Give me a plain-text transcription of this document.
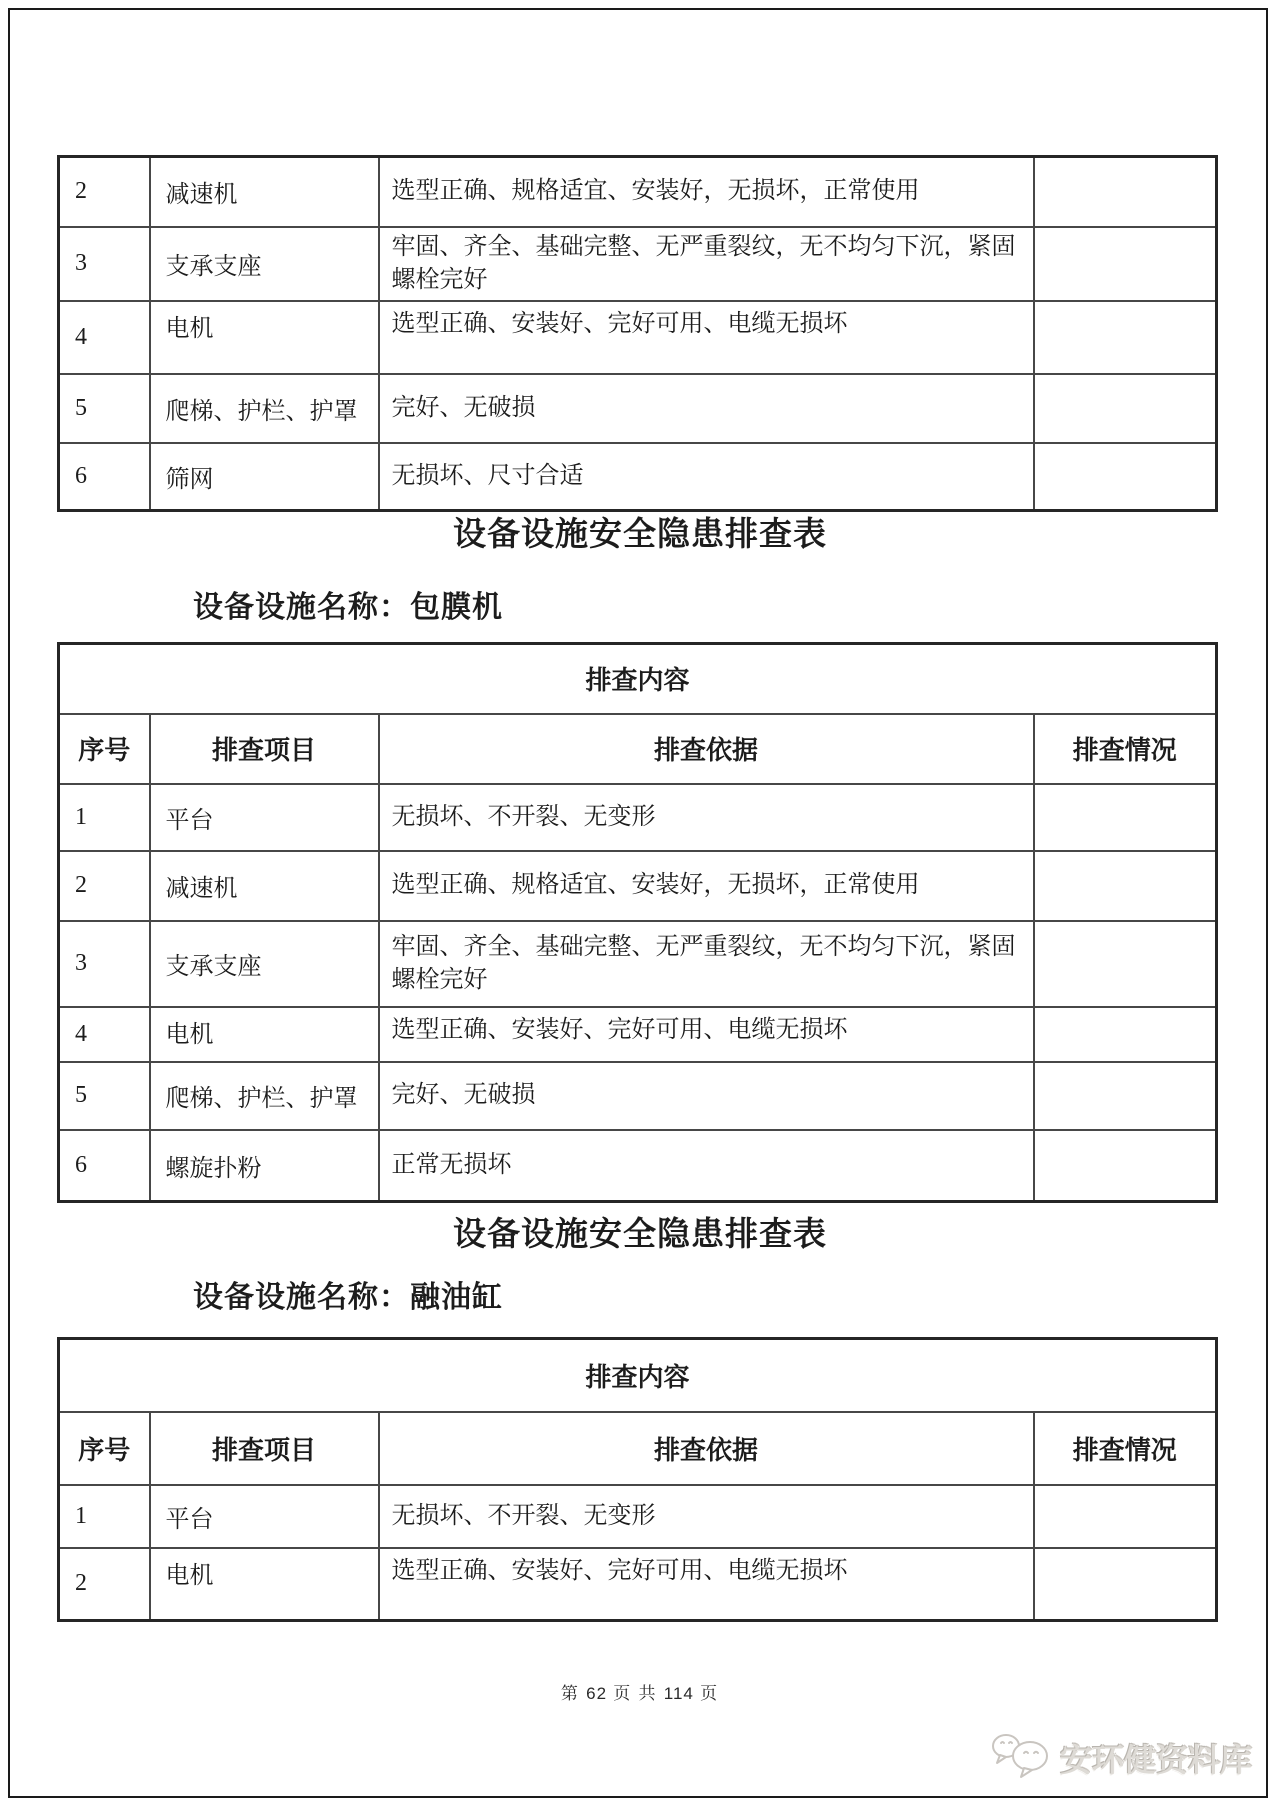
2	减速机	选型正确、规格适宜、安装好，无损坏，正常使用	
3	支承支座	牢固、齐全、基础完整、无严重裂纹，无不均匀下沉，紧固螺栓完好	
4	电机	选型正确、安装好、完好可用、电缆无损坏	
5	爬梯、护栏、护罩	完好、无破损	
6	筛网	无损坏、尺寸合适	
设备设施安全隐患排查表
设备设施名称：包膜机
排查内容			
序号	排查项目	排查依据	排查情况
1	平台	无损坏、不开裂、无变形	
2	减速机	选型正确、规格适宜、安装好，无损坏，正常使用	
3	支承支座	牢固、齐全、基础完整、无严重裂纹，无不均匀下沉，紧固螺栓完好	
4	电机	选型正确、安装好、完好可用、电缆无损坏	
5	爬梯、护栏、护罩	完好、无破损	
6	螺旋扑粉	正常无损坏	
设备设施安全隐患排查表
设备设施名称：融油缸
排查内容			
序号	排查项目	排查依据	排查情况
1	平台	无损坏、不开裂、无变形	
2	电机	选型正确、安装好、完好可用、电缆无损坏	
第 62 页 共 114 页
安环健资料库
